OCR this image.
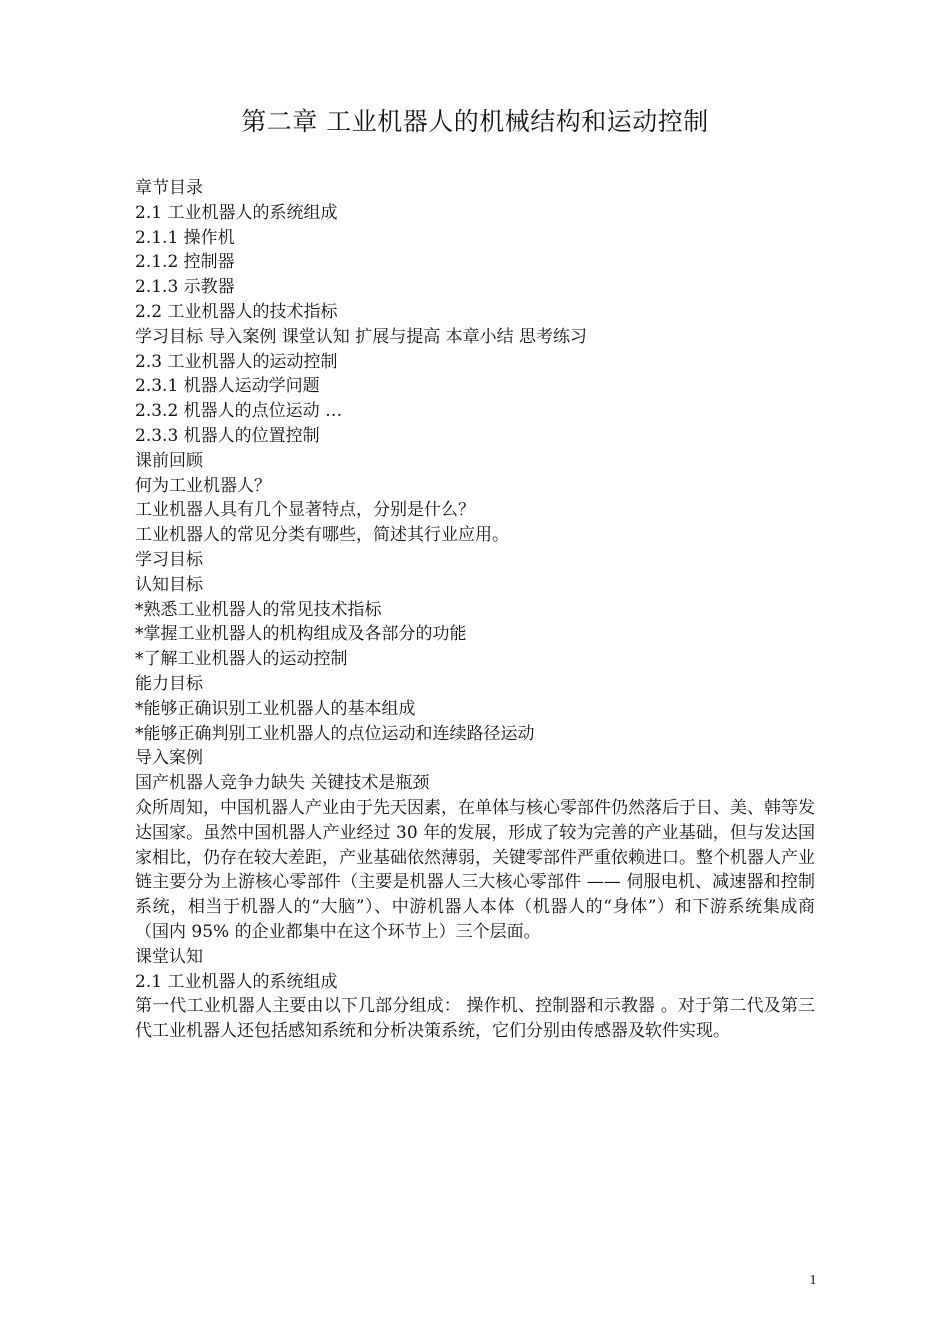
第二章 工业机器人的机械结构和运动控制

章节目录

2.1 工业机器人的系统组成

2.1.1 操作机

2.1.2 控制器

2.1.3 示教器

2.2 工业机器人的技术指标

学习目标 导入案例 课堂认知 扩展与提高 本章小结 思考练习

2.3 工业机器人的运动控制

2.3.1 机器人运动学问题

2.3.2 机器人的点位运动 …

2.3.3 机器人的位置控制

课前回顾

何为工业机器人？

工业机器人具有几个显著特点，分别是什么？

工业机器人的常见分类有哪些，简述其行业应用。

学习目标

认知目标

*熟悉工业机器人的常见技术指标

*掌握工业机器人的机构组成及各部分的功能

*了解工业机器人的运动控制

能力目标

*能够正确识别工业机器人的基本组成

*能够正确判别工业机器人的点位运动和连续路径运动

导入案例

国产机器人竞争力缺失 关键技术是瓶颈

众所周知，中国机器人产业由于先天因素，在单体与核心零部件仍然落后于日、美、韩等发达国家。虽然中国机器人产业经过 30 年的发展，形成了较为完善的产业基础，但与发达国家相比，仍存在较大差距，产业基础依然薄弱，关键零部件严重依赖进口。整个机器人产业链主要分为上游核心零部件（主要是机器人三大核心零部件 —— 伺服电机、减速器和控制系统，相当于机器人的“大脑”）、中游机器人本体（机器人的“身体”）和下游系统集成商（国内 95% 的企业都集中在这个环节上）三个层面。

课堂认知

2.1 工业机器人的系统组成

第一代工业机器人主要由以下几部分组成： 操作机、控制器和示教器 。对于第二代及第三代工业机器人还包括感知系统和分析决策系统，它们分别由传感器及软件实现。

1
